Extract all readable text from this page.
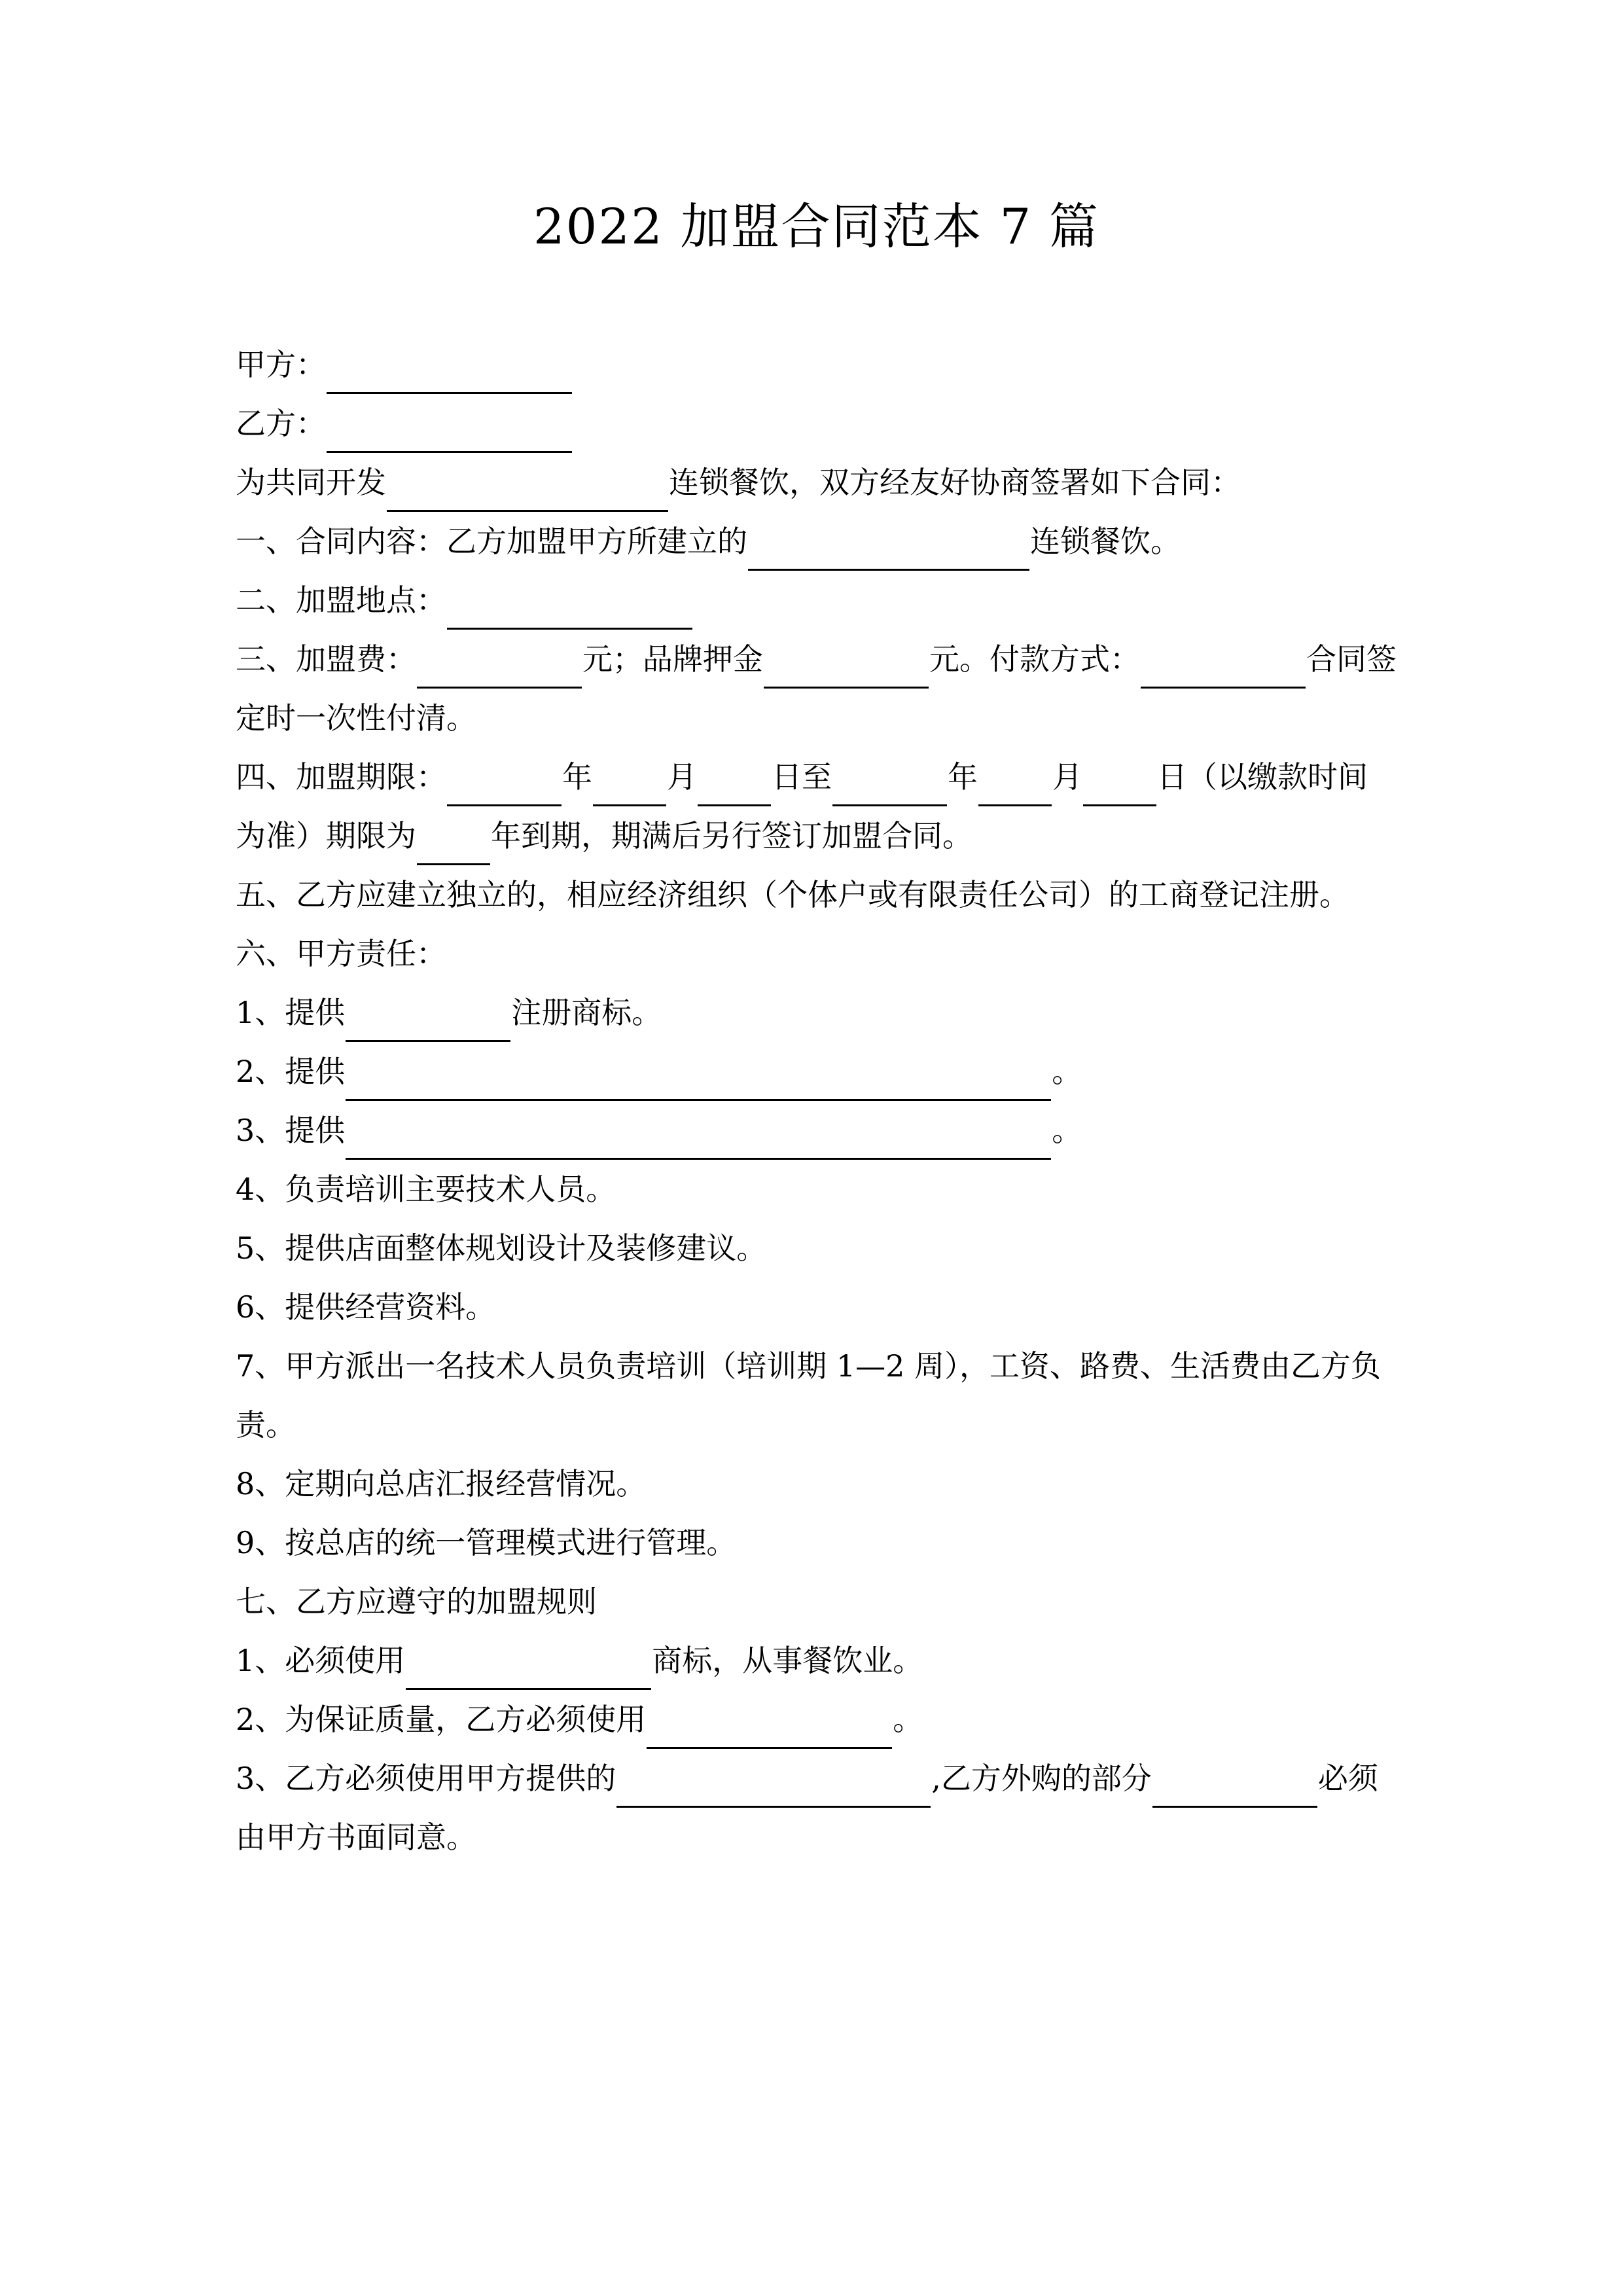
2022 加盟合同范本 7 篇

甲方：

乙方：

为共同开发	连锁餐饮，双方经友好协商签署如下合同：

一、合同内容：乙方加盟甲方所建立的	连锁餐饮。

二、加盟地点：

三、加盟费：	元；品牌押金	元。付款方式：	合同签定时一次性付清。

四、加盟期限：	年 月 日至	年 月 日（以缴款时间为准）期限为 年到期，期满后另行签订加盟合同。

五、乙方应建立独立的，相应经济组织（个体户或有限责任公司）的工商登记注册。

六、甲方责任：

1、提供	注册商标。

2、提供	。

3、提供	。

4、负责培训主要技术人员。

5、提供店面整体规划设计及装修建议。

6、提供经营资料。

7、甲方派出一名技术人员负责培训（培训期 1—2 周），工资、路费、生活费由乙方负责。

8、定期向总店汇报经营情况。

9、按总店的统一管理模式进行管理。

七、乙方应遵守的加盟规则

1、必须使用	商标，从事餐饮业。

2、为保证质量，乙方必须使用	。

3、乙方必须使用甲方提供的	,乙方外购的部分	必须由甲方书面同意。
